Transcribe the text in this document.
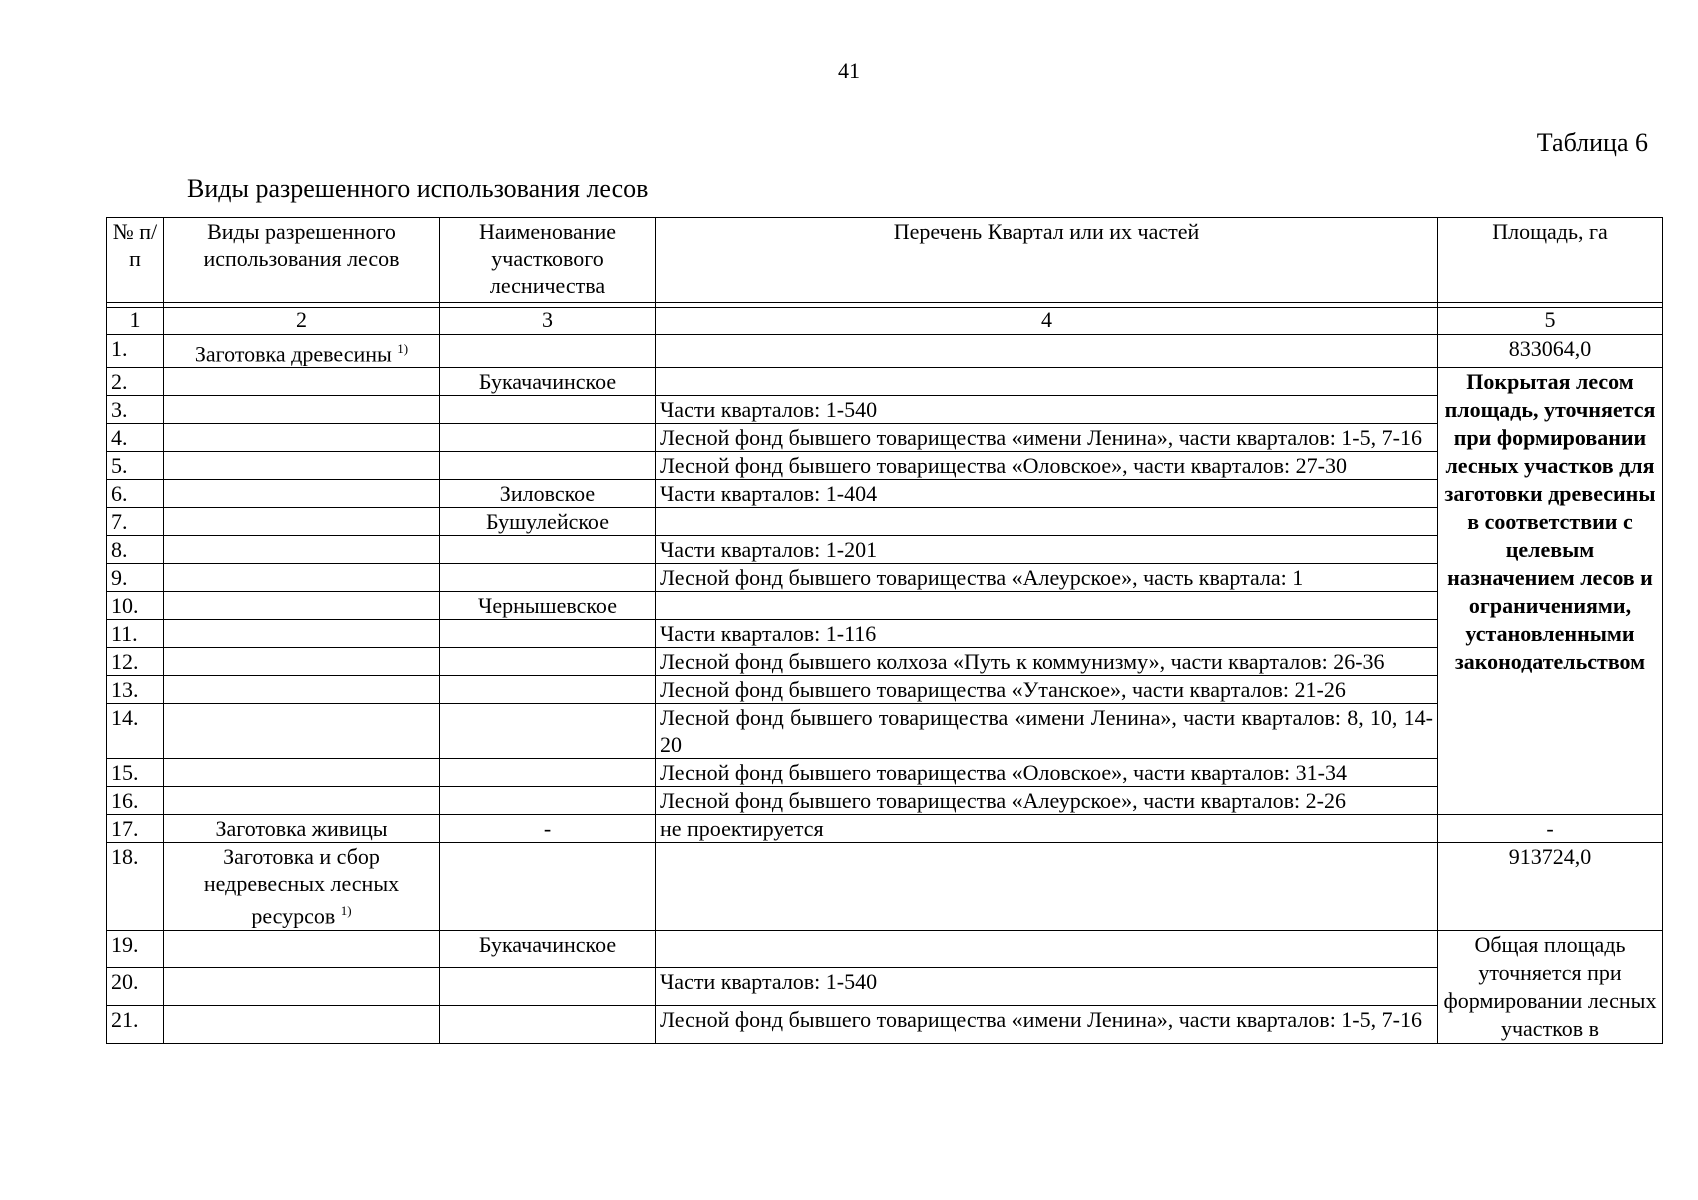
41
Таблица 6
Виды разрешенного использования лесов
№ п/п	Виды разрешенного использования лесов	Наименование участкового лесничества	Перечень Квартал или их частей	Площадь, га

1	2	3	4	5
1.	Заготовка древесины $^{1)}$			833064,0
2.		Букачачинское		Покрытая лесом площадь, уточняется при формировании лесных участков для заготовки древесины в соответствии с целевым назначением лесов и ограничениями, установленными законодательством
3.			Части кварталов: 1-540	
4.			Лесной фонд бывшего товарищества «имени Ленина», части кварталов: 1-5, 7-16	
5.			Лесной фонд бывшего товарищества «Оловское», части кварталов: 27-30	
6.		Зиловское	Части кварталов: 1-404	
7.		Бушулейское		
8.			Части кварталов: 1-201	
9.			Лесной фонд бывшего товарищества «Алеурское», часть квартала: 1	
10.		Чернышевское		
11.			Части кварталов: 1-116	
12.			Лесной фонд бывшего колхоза «Путь к коммунизму», части кварталов: 26-36	
13.			Лесной фонд бывшего товарищества «Утанское», части кварталов: 21-26	
14.			Лесной фонд бывшего товарищества «имени Ленина», части кварталов: 8, 10, 14-20	
15.			Лесной фонд бывшего товарищества «Оловское», части кварталов: 31-34	
16.			Лесной фонд бывшего товарищества «Алеурское», части кварталов: 2-26	
17.	Заготовка живицы	-	не проектируется	-
18.	Заготовка и сбор недревесных лесных ресурсов $^{1)}$			913724,0
19.		Букачачинское		Общая площадь уточняется при формировании лесных участков в
20.			Части кварталов: 1-540	
21.			Лесной фонд бывшего товарищества «имени Ленина», части кварталов: 1-5, 7-16	
